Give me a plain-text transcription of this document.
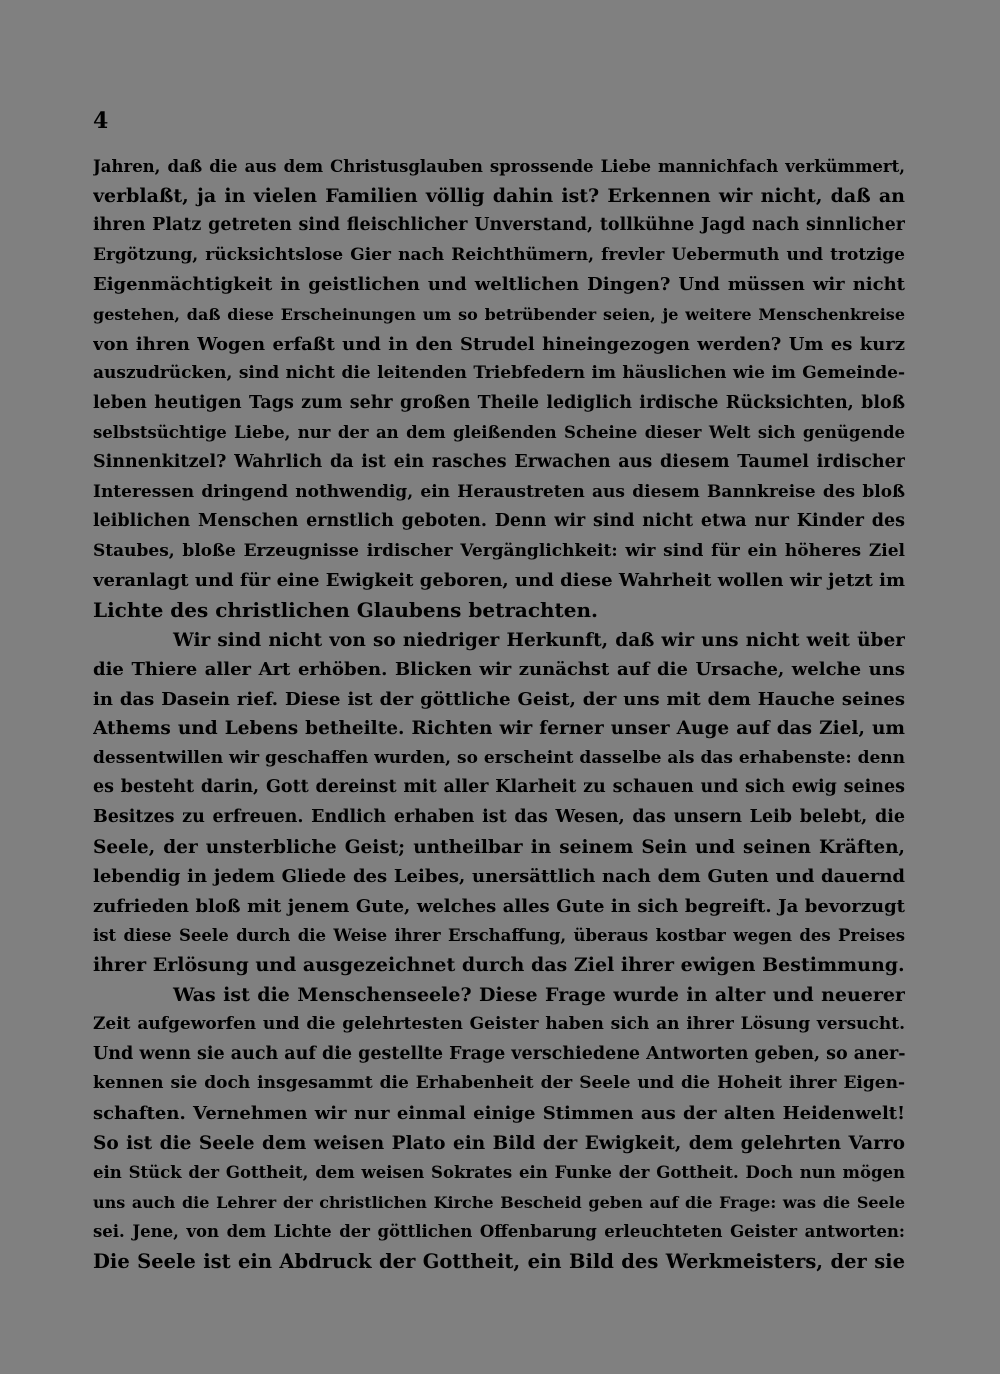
4
Jahren, daß die aus dem Christusglauben sprossende Liebe mannichfach verkümmert,
verblaßt, ja in vielen Familien völlig dahin ist? Erkennen wir nicht, daß an
ihren Platz getreten sind fleischlicher Unverstand, tollkühne Jagd nach sinnlicher
Ergötzung, rücksichtslose Gier nach Reichthümern, frevler Uebermuth und trotzige
Eigenmächtigkeit in geistlichen und weltlichen Dingen? Und müssen wir nicht
gestehen, daß diese Erscheinungen um so betrübender seien, je weitere Menschenkreise
von ihren Wogen erfaßt und in den Strudel hineingezogen werden? Um es kurz
auszudrücken, sind nicht die leitenden Triebfedern im häuslichen wie im Gemeinde-
leben heutigen Tags zum sehr großen Theile lediglich irdische Rücksichten, bloß
selbstsüchtige Liebe, nur der an dem gleißenden Scheine dieser Welt sich genügende
Sinnenkitzel? Wahrlich da ist ein rasches Erwachen aus diesem Taumel irdischer
Interessen dringend nothwendig, ein Heraustreten aus diesem Bannkreise des bloß
leiblichen Menschen ernstlich geboten. Denn wir sind nicht etwa nur Kinder des
Staubes, bloße Erzeugnisse irdischer Vergänglichkeit: wir sind für ein höheres Ziel
veranlagt und für eine Ewigkeit geboren, und diese Wahrheit wollen wir jetzt im
Lichte des christlichen Glaubens betrachten.
Wir sind nicht von so niedriger Herkunft, daß wir uns nicht weit über
die Thiere aller Art erhöben. Blicken wir zunächst auf die Ursache, welche uns
in das Dasein rief. Diese ist der göttliche Geist, der uns mit dem Hauche seines
Athems und Lebens betheilte. Richten wir ferner unser Auge auf das Ziel, um
dessentwillen wir geschaffen wurden, so erscheint dasselbe als das erhabenste: denn
es besteht darin, Gott dereinst mit aller Klarheit zu schauen und sich ewig seines
Besitzes zu erfreuen. Endlich erhaben ist das Wesen, das unsern Leib belebt, die
Seele, der unsterbliche Geist; untheilbar in seinem Sein und seinen Kräften,
lebendig in jedem Gliede des Leibes, unersättlich nach dem Guten und dauernd
zufrieden bloß mit jenem Gute, welches alles Gute in sich begreift. Ja bevorzugt
ist diese Seele durch die Weise ihrer Erschaffung, überaus kostbar wegen des Preises
ihrer Erlösung und ausgezeichnet durch das Ziel ihrer ewigen Bestimmung.
Was ist die Menschenseele? Diese Frage wurde in alter und neuerer
Zeit aufgeworfen und die gelehrtesten Geister haben sich an ihrer Lösung versucht.
Und wenn sie auch auf die gestellte Frage verschiedene Antworten geben, so aner-
kennen sie doch insgesammt die Erhabenheit der Seele und die Hoheit ihrer Eigen-
schaften. Vernehmen wir nur einmal einige Stimmen aus der alten Heidenwelt!
So ist die Seele dem weisen Plato ein Bild der Ewigkeit, dem gelehrten Varro
ein Stück der Gottheit, dem weisen Sokrates ein Funke der Gottheit. Doch nun mögen
uns auch die Lehrer der christlichen Kirche Bescheid geben auf die Frage: was die Seele
sei. Jene, von dem Lichte der göttlichen Offenbarung erleuchteten Geister antworten:
Die Seele ist ein Abdruck der Gottheit, ein Bild des Werkmeisters, der sie
